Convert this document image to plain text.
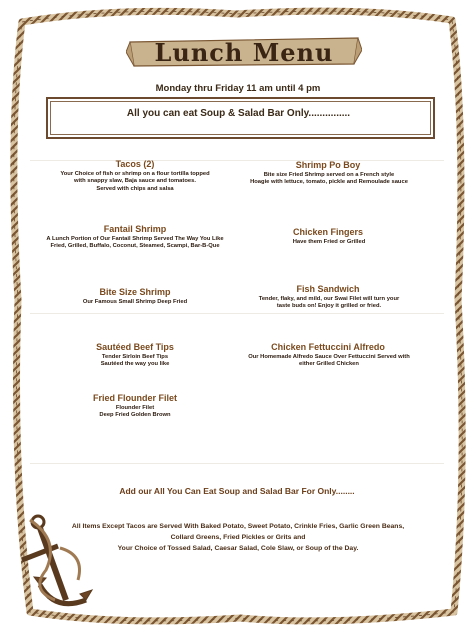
Lunch Menu
Monday thru Friday 11 am until 4 pm
All you can eat Soup & Salad Bar Only...............
Tacos (2)
Your Choice of fish or shrimp on a flour tortilla topped
with snappy slaw, Baja sauce and tomatoes.
Served with chips and salsa
Fantail Shrimp
A Lunch Portion of Our Fantail Shrimp Served The Way You Like
Fried, Grilled, Buffalo, Coconut, Steamed, Scampi, Bar-B-Que
Bite Size Shrimp
Our Famous Small Shrimp Deep Fried
Sautéed Beef Tips
Tender Sirloin Beef Tips
Sautéed the way you like
Fried Flounder Filet
Flounder Filet
Deep Fried Golden Brown
Shrimp Po Boy
Bite size Fried Shrimp served on a French style
Hoagie with lettuce, tomato, pickle and Remoulade sauce
Chicken Fingers
Have them Fried or Grilled
Fish Sandwich
Tender, flaky, and mild, our Swai Filet will turn your
taste buds on! Enjoy it grilled or fried.
Chicken Fettuccini Alfredo
Our Homemade Alfredo Sauce Over Fettuccini Served with
either Grilled Chicken
Add our All You Can Eat Soup and Salad Bar For Only........
All Items Except Tacos are Served With Baked Potato, Sweet Potato, Crinkle Fries, Garlic Green Beans,
Collard Greens, Fried Pickles or Grits and
Your Choice of Tossed Salad, Caesar Salad, Cole Slaw, or Soup of the Day.
